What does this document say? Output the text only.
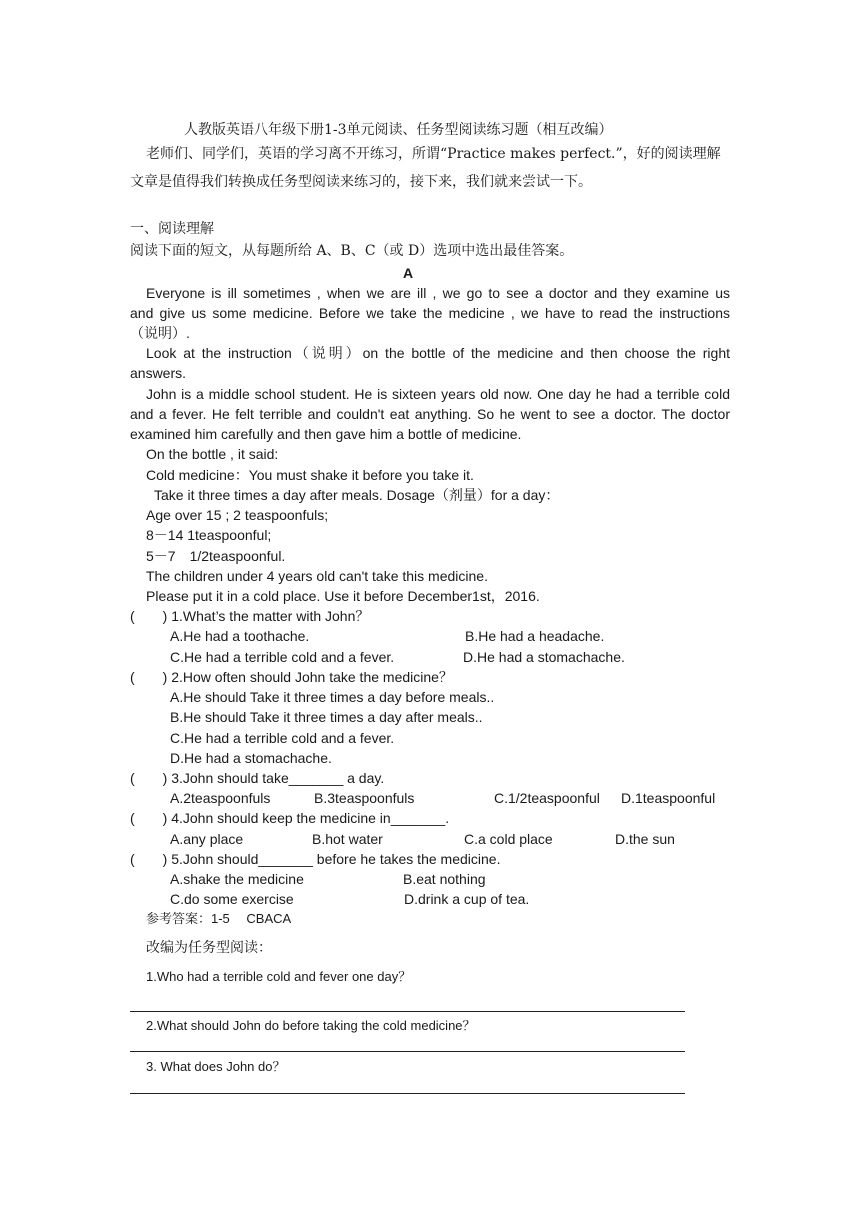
人教版英语八年级下册1-3单元阅读、任务型阅读练习题（相互改编）
老师们、同学们，英语的学习离不开练习，所谓“Practice makes perfect.”，好的阅读理解
文章是值得我们转换成任务型阅读来练习的，接下来，我们就来尝试一下。
一、阅读理解
阅读下面的短文，从每题所给 A、B、C（或 D）选项中选出最佳答案。
A
Everyone is ill sometimes , when we are ill , we go to see a doctor and they examine us
and give us some medicine. Before we take the medicine , we have to read the instructions
（说明）.
Look at the instruction（说明）on the bottle of the medicine and then choose the right
answers.
John is a middle school student. He is sixteen years old now. One day he had a terrible cold
and a fever. He felt terrible and couldn't eat anything. So he went to see a doctor. The doctor
examined him carefully and then gave him a bottle of medicine.
On the bottle , it said:
Cold medicine：You must shake it before you take it.
Take it three times a day after meals. Dosage（剂量）for a day：
Age over 15 ; 2 teaspoonfuls;
8－14 1teaspoonful;
5－7　1/2teaspoonful.
The children under 4 years old can't take this medicine.
Please put it in a cold place. Use it before December1st，2016.
(　　) 1.What’s the matter with John？
A.He had a toothache.	B.He had a headache.
C.He had a terrible cold and a fever.	D.He had a stomachache.
(　　) 2.How often should John take the medicine？
A.He should Take it three times a day before meals..
B.He should Take it three times a day after meals..
C.He had a terrible cold and a fever.
D.He had a stomachache.
(　　) 3.John should take_______ a day.
A.2teaspoonfuls	B.3teaspoonfuls	C.1/2teaspoonful D.1teaspoonful
(　　) 4.John should keep the medicine in_______.
A.any place	B.hot water	C.a cold place	D.the sun
(　　) 5.John should_______ before he takes the medicine.
A.shake the medicine	B.eat nothing
C.do some exercise	D.drink a cup of tea.
参考答案：1-5　 CBACA
改编为任务型阅读：
1.Who had a terrible cold and fever one day？
2.What should John do before taking the cold medicine？
3. What does John do？
